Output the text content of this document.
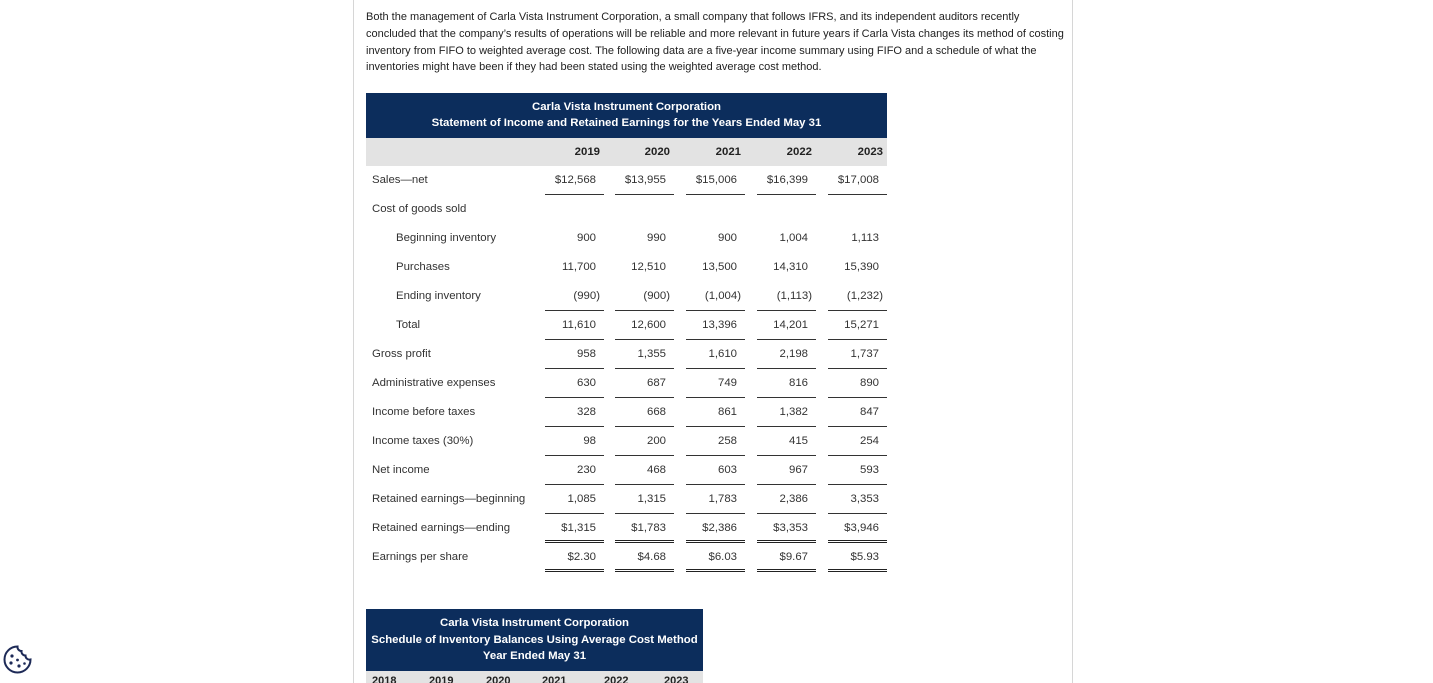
Both the management of Carla Vista Instrument Corporation, a small company that follows IFRS, and its independent auditors recently concluded that the company’s results of operations will be reliable and more relevant in future years if Carla Vista changes its method of costing inventory from FIFO to weighted average cost. The following data are a five-year income summary using FIFO and a schedule of what the inventories might have been if they had been stated using the weighted average cost method.

Carla Vista Instrument Corporation
Statement of Income and Retained Earnings for the Years Ended May 31
2019	2020	2021	2022	2023
Sales—net	$12,568	$13,955	$15,006	$16,399	$17,008
Cost of goods sold
Beginning inventory	900	990	900	1,004	1,113
Purchases	11,700	12,510	13,500	14,310	15,390
Ending inventory	(990)	(900)	(1,004)	(1,113)	(1,232)
Total	11,610	12,600	13,396	14,201	15,271
Gross profit	958	1,355	1,610	2,198	1,737
Administrative expenses	630	687	749	816	890
Income before taxes	328	668	861	1,382	847
Income taxes (30%)	98	200	258	415	254
Net income	230	468	603	967	593
Retained earnings—beginning	1,085	1,315	1,783	2,386	3,353
Retained earnings—ending	$1,315	$1,783	$2,386	$3,353	$3,946
Earnings per share	$2.30	$4.68	$6.03	$9.67	$5.93
Carla Vista Instrument Corporation
Schedule of Inventory Balances Using Average Cost Method
Year Ended May 31
2018	2019	2020	2021	2022	2023
